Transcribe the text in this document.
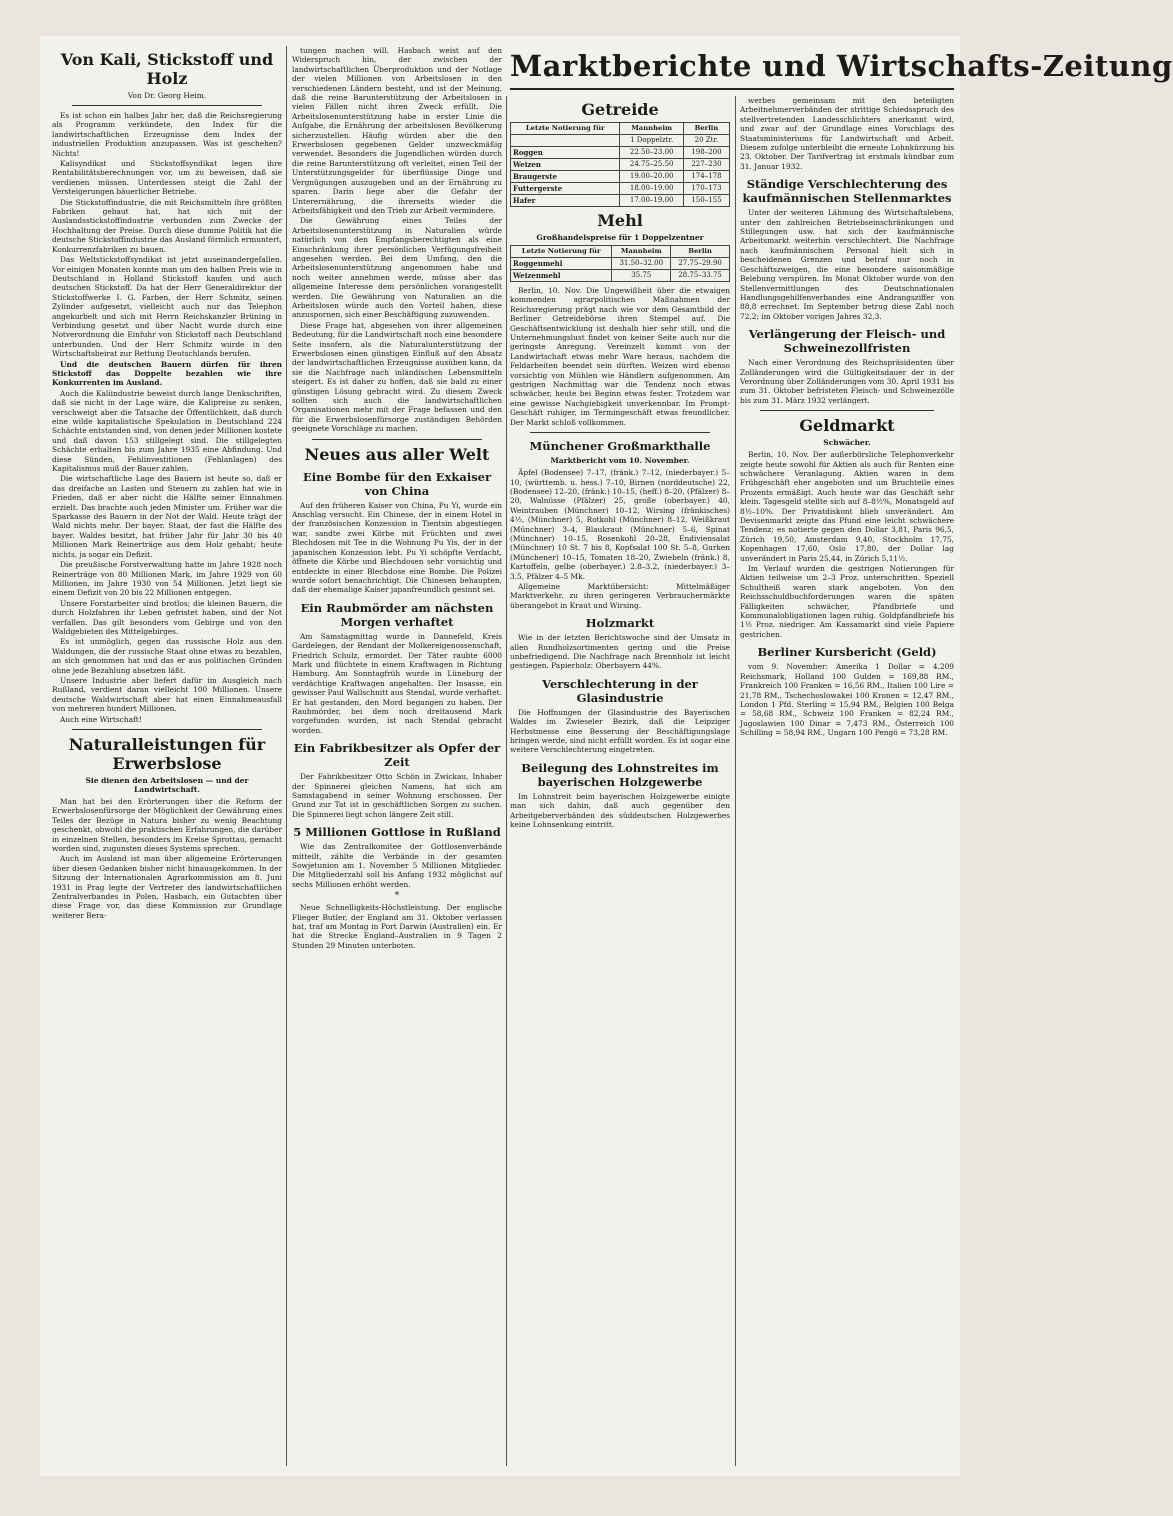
Marktberichte und Wirtschafts-Zeitung
Von Kali, Stickstoff und Holz
Von Dr. Georg Heim.

Es ist schon ein halbes Jahr her, daß die Reichsregierung als Programm verkündete, den Index für die landwirtschaftlichen Erzeugnisse dem Index der industriellen Produktion anzupassen. Was ist geschehen? Nichts!

Kalisyndikat und Stickstoffsyndikat legen ihre Rentabilitätsberechnungen vor, um zu beweisen, daß sie verdienen müssen. Unterdessen steigt die Zahl der Versteigerungen bäuerlicher Betriebe.

Die Stickstoffindustrie, die mit Reichsmitteln ihre größten Fabriken gebaut hat, hat sich mit der Auslandsstickstoffindustrie verbunden zum Zwecke der Hochhaltung der Preise. Durch diese dumme Politik hat die deutsche Stickstoffindustrie das Ausland förmlich ermuntert, Konkurrenzfabriken zu bauen.

Das Weltstickstoffsyndikat ist jetzt auseinandergefallen. Vor einigen Monaten konnte man um den halben Preis wie in Deutschland in Holland Stickstoff kaufen und auch deutschen Stickstoff. Da hat der Herr Generaldirektor der Stickstoffwerke I. G. Farben, der Herr Schmitz, seinen Zylinder aufgesetzt, vielleicht auch nur das Telephon angekurbelt und sich mit Herrn Reichskanzler Brüning in Verbindung gesetzt und über Nacht wurde durch eine Notverordnung die Einfuhr von Stickstoff nach Deutschland unterbunden. Und der Herr Schmitz wurde in den Wirtschaftsbeirat zur Rettung Deutschlands berufen.

Und die deutschen Bauern dürfen für ihren Stickstoff das Doppelte bezahlen wie ihre Konkurrenten im Ausland.

Auch die Kaliindustrie beweist durch lange Denkschriften, daß sie nicht in der Lage wäre, die Kalipreise zu senken, verschweigt aber die Tatsache der Öffentlichkeit, daß durch eine wilde kapitalistische Spekulation in Deutschland 224 Schächte entstanden sind, von denen jeder Millionen kostete und daß davon 153 stillgelegt sind. Die stillgelegten Schächte erhalten bis zum Jahre 1935 eine Abfindung. Und diese Sünden, Fehlinvestitionen (Fehlanlagen) des Kapitalismus muß der Bauer zahlen.

Die wirtschaftliche Lage des Bauern ist heute so, daß er das dreifache an Lasten und Steuern zu zahlen hat wie in Frieden, daß er aber nicht die Hälfte seiner Einnahmen erzielt. Das brachte auch jeden Minister um. Früher war die Sparkasse des Bauern in der Not der Wald. Heute trägt der Wald nichts mehr. Der bayer. Staat, der fast die Hälfte des bayer. Waldes besitzt, hat früher Jahr für Jahr 30 bis 40 Millionen Mark Reinerträge aus dem Holz gehabt; heute nichts, ja sogar ein Defizit.

Die preußische Forstverwaltung hatte im Jahre 1928 noch Reinerträge von 80 Millionen Mark, im Jahre 1929 von 60 Millionen, im Jahre 1930 von 54 Millionen. Jetzt liegt sie einem Defizit von 20 bis 22 Millionen entgegen.

Unsere Forstarbeiter sind brotlos; die kleinen Bauern, die durch Holzfahren ihr Leben gefristet haben, sind der Not verfallen. Das gilt besonders vom Gebirge und von den Waldgebieten des Mittelgebirges.

Es ist unmöglich, gegen das russische Holz aus den Waldungen, die der russische Staat ohne etwas zu bezahlen, an sich genommen hat und das er aus politischen Gründen ohne jede Bezahlung absetzen läßt.

Unsere Industrie aber liefert dafür im Ausgleich nach Rußland, verdient daran vielleicht 100 Millionen. Unsere deutsche Waldwirtschaft aber hat einen Einnahmeausfall von mehreren hundert Millionen.

Auch eine Wirtschaft!

Naturalleistungen für Erwerbslose
Sie dienen den Arbeitslosen — und der Landwirtschaft.

Man hat bei den Erörterungen über die Reform der Erwerbslosenfürsorge der Möglichkeit der Gewährung eines Teiles der Bezüge in Natura bisher zu wenig Beachtung geschenkt, obwohl die praktischen Erfahrungen, die darüber in einzelnen Stellen, besonders im Kreise Sprottau, gemacht worden sind, zugunsten dieses Systems sprechen.

Auch im Ausland ist man über allgemeine Erörterungen über diesen Gedanken bisher nicht hinausgekommen. In der Sitzung der Internationalen Agrarkommission am 8. Juni 1931 in Prag legte der Vertreter des landwirtschaftlichen Zentralverbandes in Polen, Hasbach, ein Gutachten über diese Frage vor, das diese Kommission zur Grundlage weiterer Bera-

tungen machen will. Hasbach weist auf den Widerspruch hin, der zwischen der landwirtschaftlichen Überproduktion und der Notlage der vielen Millionen von Arbeitslosen in den verschiedenen Ländern besteht, und ist der Meinung, daß die reine Barunterstützung der Arbeitslosen in vielen Fällen nicht ihren Zweck erfüllt. Die Arbeitslosenunterstützung habe in erster Linie die Aufgabe, die Ernährung der arbeitslosen Bevölkerung sicherzustellen. Häufig würden aber die den Erwerbslosen gegebenen Gelder unzweckmäßig verwendet. Besonders die Jugendlichen würden durch die reine Barunterstützung oft verleitet, einen Teil der Unterstützungsgelder für überflüssige Dinge und Vergnügungen auszugeben und an der Ernährung zu sparen. Darin liege aber die Gefahr der Unterernährung, die ihrerseits wieder die Arbeitsfähigkeit und den Trieb zur Arbeit vermindere.

Die Gewährung eines Teiles der Arbeitslosenunterstützung in Naturalien würde natürlich von den Empfangsberechtigten als eine Einschränkung ihrer persönlichen Verfügungsfreiheit angesehen werden. Bei dem Umfang, den die Arbeitslosenunterstützung angenommen habe und noch weiter annehmen werde, müsse aber das allgemeine Interesse dem persönlichen vorangestellt werden. Die Gewährung von Naturalien an die Arbeitslosen würde auch den Vorteil haben, diese anzuspornen, sich einer Beschäftigung zuzuwenden.

Diese Frage hat, abgesehen von ihrer allgemeinen Bedeutung, für die Landwirtschaft noch eine besondere Seite insofern, als die Naturalunterstützung der Erwerbslosen einen günstigen Einfluß auf den Absatz der landwirtschaftlichen Erzeugnisse ausüben kann, da sie die Nachfrage nach inländischen Lebensmitteln steigert. Es ist daher zu hoffen, daß sie bald zu einer günstigen Lösung gebracht wird. Zu diesem Zweck sollten sich auch die landwirtschaftlichen Organisationen mehr mit der Frage befassen und den für die Erwerbslosenfürsorge zuständigen Behörden geeignete Vorschläge zu machen.

Neues aus aller Welt
Eine Bombe für den Exkaiser von China

Auf den früheren Kaiser von China, Pu Yi, wurde ein Anschlag versucht. Ein Chinese, der in einem Hotel in der französischen Konzession in Tientsin abgestiegen war, sandte zwei Körbe mit Früchten und zwei Blechdosen mit Tee in die Wohnung Pu Yis, der in der japanischen Konzession lebt. Pu Yi schöpfte Verdacht, öffnete die Körbe und Blechdosen sehr vorsichtig und entdeckte in einer Blechdose eine Bombe. Die Polizei wurde sofort benachrichtigt. Die Chinesen behaupten, daß der ehemalige Kaiser japanfreundlich gesinnt sei.

Ein Raubmörder am nächsten Morgen verhaftet

Am Samstagmittag wurde in Dannefeld, Kreis Gardelegen, der Rendant der Molkereigenossenschaft, Friedrich Schulz, ermordet. Der Täter raubte 6000 Mark und flüchtete in einem Kraftwagen in Richtung Hamburg. Am Sonntagfrüh wurde in Lüneburg der verdächtige Kraftwagen angehalten. Der Insasse, ein gewisser Paul Wallschnitt aus Stendal, wurde verhaftet. Er hat gestanden, den Mord begangen zu haben. Der Raubmörder, bei dem noch dreitausend Mark vorgefunden wurden, ist nach Stendal gebracht worden.

Ein Fabrikbesitzer als Opfer der Zeit

Der Fabrikbesitzer Otto Schön in Zwickau, Inhaber der Spinnerei gleichen Namens, hat sich am Samstagabend in seiner Wohnung erschossen. Der Grund zur Tat ist in geschäftlichen Sorgen zu suchen. Die Spinnerei liegt schon längere Zeit still.

5 Millionen Gottlose in Rußland

Wie das Zentralkomitee der Gottlosenverbände mitteilt, zählte die Verbände in der gesamten Sowjetunion am 1. November 5 Millionen Mitglieder. Die Mitgliederzahl soll bis Anfang 1932 möglichst auf sechs Millionen erhöht werden.

*

Neue Schnelligkeits-Höchstleistung. Der englische Flieger Butler, der England am 31. Oktober verlassen hat, traf am Montag in Port Darwin (Australien) ein. Er hat die Strecke England–Australien in 9 Tagen 2 Stunden 29 Minuten unterboten.

Getreide
Letzte Notierung für	Mannheim	Berlin
	1 Doppelztr.	20 Ztr.
Roggen	22.50–23.00	198–200
Weizen	24.75–25.50	227–230
Braugerste	19.00–20.00	174–178
Futtergerste	18.00–19.00	170–173
Hafer	17.00–19.00	150–155
Mehl
Großhandelspreise für 1 Doppelzentner
Letzte Notierung für	Mannheim	Berlin
Roggenmehl	31.50–32.00	27.75–29.90
Weizenmehl	35.75	28.75–33.75

Berlin, 10. Nov. Die Ungewißheit über die etwaigen kommenden agrarpolitischen Maßnahmen der Reichsregierung prägt nach wie vor dem Gesamtbild der Berliner Getreidebörse ihren Stempel auf. Die Geschäftsentwicklung ist deshalb hier sehr still, und die Unternehmungslust findet von keiner Seite auch nur die geringste Anregung. Vereinzelt kommt von der Landwirtschaft etwas mehr Ware heraus, nachdem die Feldarbeiten beendet sein dürften. Weizen wird ebenso vorsichtig von Mühlen wie Händlern aufgenommen. Am gestrigen Nachmittag war die Tendenz noch etwas schwächer, heute bei Beginn etwas fester. Trotzdem war eine gewisse Nachgiebigkeit unverkennbar. Im Prompt-Geschäft ruhiger, im Termingeschäft etwas freundlicher. Der Markt schloß vollkommen.

Münchener Großmarkthalle
Marktbericht vom 10. November.

Äpfel (Bodensee) 7–17, (fränk.) 7–12, (niederbayer.) 5–10, (württemb. u. hess.) 7–10, Birnen (norddeutsche) 22, (Bodensee) 12–20, (fränk.) 10–15, (heff.) 8–20, (Pfälzer) 8–20, Walnüsse (Pfälzer) 25, große (oberbayer.) 40, Weintrauben (Münchner) 10–12, Wirsing (fränkisches) 4½, (Münchner) 5, Rotkohl (Münchner) 8–12, Weißkraut (Münchner) 3–4, Blaukraut (Münchner) 5–6, Spinat (Münchner) 10–15, Rosenkohl 20–28, Endiviensalat (Münchner) 10 St. 7 bis 8, Kopfsalat 100 St. 5–8, Gurken (Münchener) 10–15, Tomaten 18–20, Zwiebeln (fränk.) 8, Kartoffeln, gelbe (oberbayer.) 2.8–3.2, (niederbayer.) 3–3.5, Pfälzer 4–5 Mk.

Allgemeine Marktübersicht: Mittelmäßiger Marktverkehr, zu ihren geringeren Verbrauchermärkte überangebot in Kraut und Wirsing.

Holzmarkt

Wie in der letzten Berichtswoche sind der Umsatz in allen Rundholzsortimenten gering und die Preise unbefriedigend. Die Nachfrage nach Brennholz ist leicht gestiegen. Papierholz: Oberbayern 44%.

Verschlechterung in der Glasindustrie

Die Hoffnungen der Glasindustrie des Bayerischen Waldes im Zwieseler Bezirk, daß die Leipziger Herbstmesse eine Besserung der Beschäftigungslage bringen werde, sind nicht erfüllt worden. Es ist sogar eine weitere Verschlechterung eingetreten.

Beilegung des Lohnstreites im bayerischen Holzgewerbe

Im Lohnstreit beim bayerischen Holzgewerbe einigte man sich dahin, daß auch gegenüber den Arbeitgeberverbänden des süddeutschen Holzgewerbes keine Lohnsenkung eintritt.

werbes gemeinsam mit den beteiligten Arbeitnehmerverbänden der strittige Schiedsspruch des stellvertretenden Landesschlichters anerkannt wird, und zwar auf der Grundlage eines Vorschlags des Staatsministeriums für Landwirtschaft und Arbeit. Diesem zufolge unterbleibt die erneute Lohnkürzung bis 23. Oktober. Der Tarifvertrag ist erstmals kündbar zum 31. Januar 1932.

Ständige Verschlechterung des kaufmännischen Stellenmarktes

Unter der weiteren Lähmung des Wirtschaftslebens, unter den zahlreichen Betriebseinschränkungen und Stillegungen usw. hat sich der kaufmännische Arbeitsmarkt weiterhin verschlechtert. Die Nachfrage nach kaufmännischem Personal hielt sich in bescheidenen Grenzen und betraf nur noch in Geschäftszweigen, die eine besondere saisonmäßige Belebung verspüren. Im Monat Oktober wurde von den Stellenvermittlungen des Deutschnationalen Handlungsgehilfenverbandes eine Andrangsziffer von 88,8 errechnet. Im September betrug diese Zahl noch 72,2; im Oktober vorigen Jahres 32,3.

Verlängerung der Fleisch- und Schweinezollfristen

Nach einer Verordnung des Reichspräsidenten über Zolländerungen wird die Gültigkeitsdauer der in der Verordnung über Zolländerungen vom 30. April 1931 bis zum 31. Oktober befristeten Fleisch- und Schweinezölle bis zum 31. März 1932 verlängert.

Geldmarkt
Schwächer.

Berlin, 10. Nov. Der außerbörsliche Telephonverkehr zeigte heute sowohl für Aktien als auch für Renten eine schwächere Veranlagung. Aktien waren in dem Frühgeschäft eher angeboten und um Bruchteile eines Prozents ermäßigt. Auch heute war das Geschäft sehr klein. Tagesgeld stellte sich auf 8–8½%, Monatsgeld auf 8½–10%. Der Privatdiskont blieb unverändert. Am Devisenmarkt zeigte das Pfund eine leicht schwächere Tendenz; es notierte gegen den Dollar 3,81, Paris 96,5, Zürich 19,50, Amsterdam 9,40, Stockholm 17,75, Kopenhagen 17,60, Oslo 17,80, der Dollar lag unverändert in Paris 25,44, in Zürich 5,11½.

Im Verlauf wurden die gestrigen Notierungen für Aktien teilweise um 2–3 Proz. unterschritten. Speziell Schultheiß waren stark angeboten. Von den Reichsschuldbuchforderungen waren die späten Fälligkeiten schwächer, Pfandbriefe und Kommunalobligationen lagen ruhig. Goldpfandbriefe bis 1½ Proz. niedriger. Am Kassamarkt sind viele Papiere gestrichen.

Berliner Kursbericht (Geld)

vom 9. November: Amerika 1 Dollar = 4.209 Reichsmark, Holland 100 Gulden = 169,88 RM., Frankreich 100 Franken = 16,56 RM., Italien 100 Lire = 21,78 RM., Tschechoslowakei 100 Kronen = 12,47 RM., London 1 Pfd. Sterling = 15,94 RM., Belgien 100 Belga = 58,68 RM., Schweiz 100 Franken = 82,24 RM., Jugoslawien 100 Dinar = 7,473 RM., Österreich 100 Schilling = 58,94 RM., Ungarn 100 Pengö = 73,28 RM.
